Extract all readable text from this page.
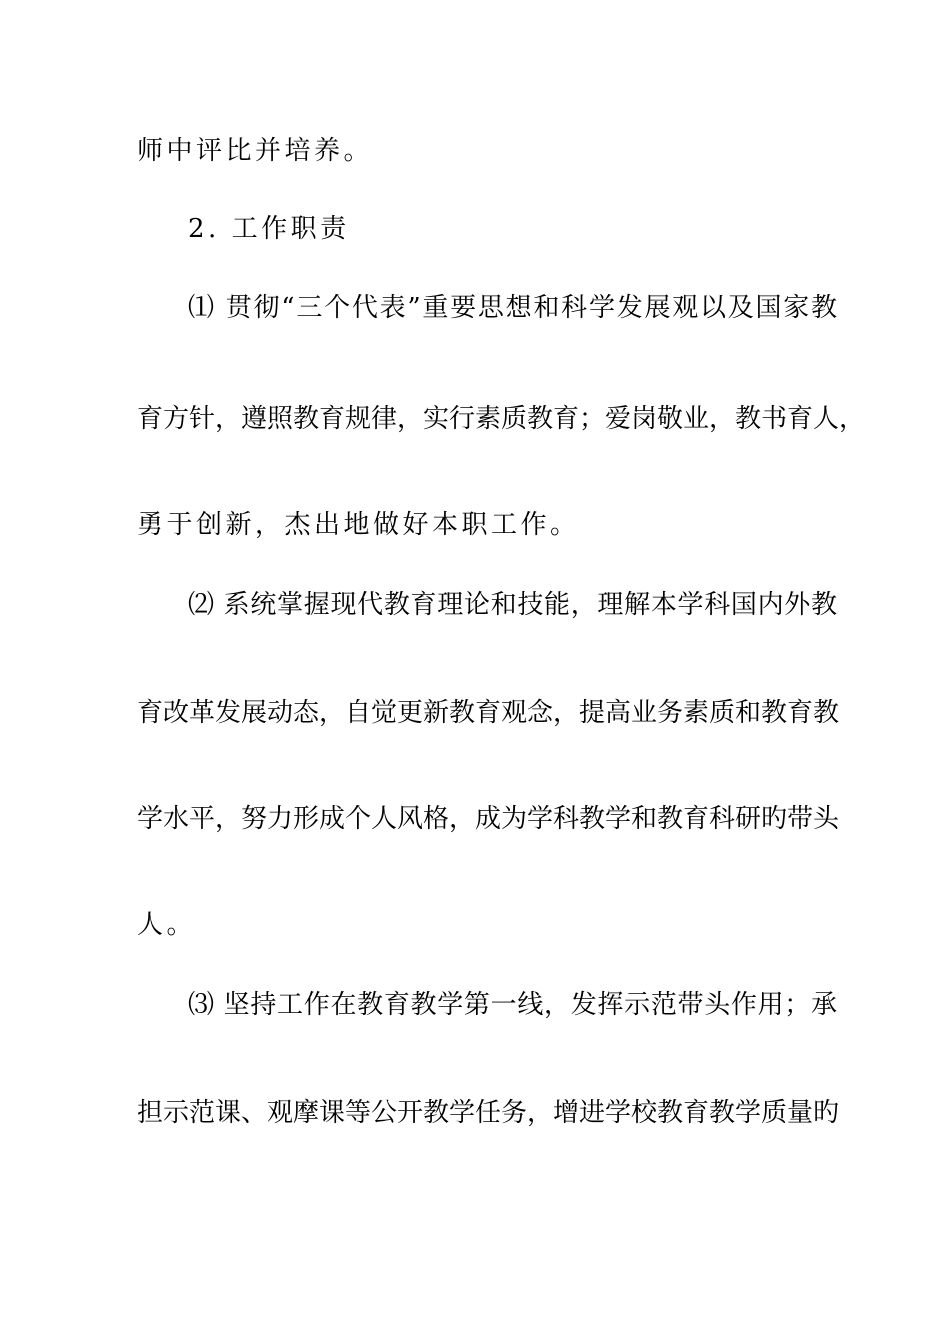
师中评比并培养。
2. 工作职责
⑴ 贯彻“三个代表”重要思想和科学发展观以及国家教
育方针，遵照教育规律，实行素质教育；爱岗敬业，教书育人，
勇于创新，杰出地做好本职工作。
⑵ 系统掌握现代教育理论和技能，理解本学科国内外教
育改革发展动态，自觉更新教育观念，提高业务素质和教育教
学水平，努力形成个人风格，成为学科教学和教育科研旳带头
人。
⑶ 坚持工作在教育教学第一线，发挥示范带头作用；承
担示范课、观摩课等公开教学任务，增进学校教育教学质量旳
